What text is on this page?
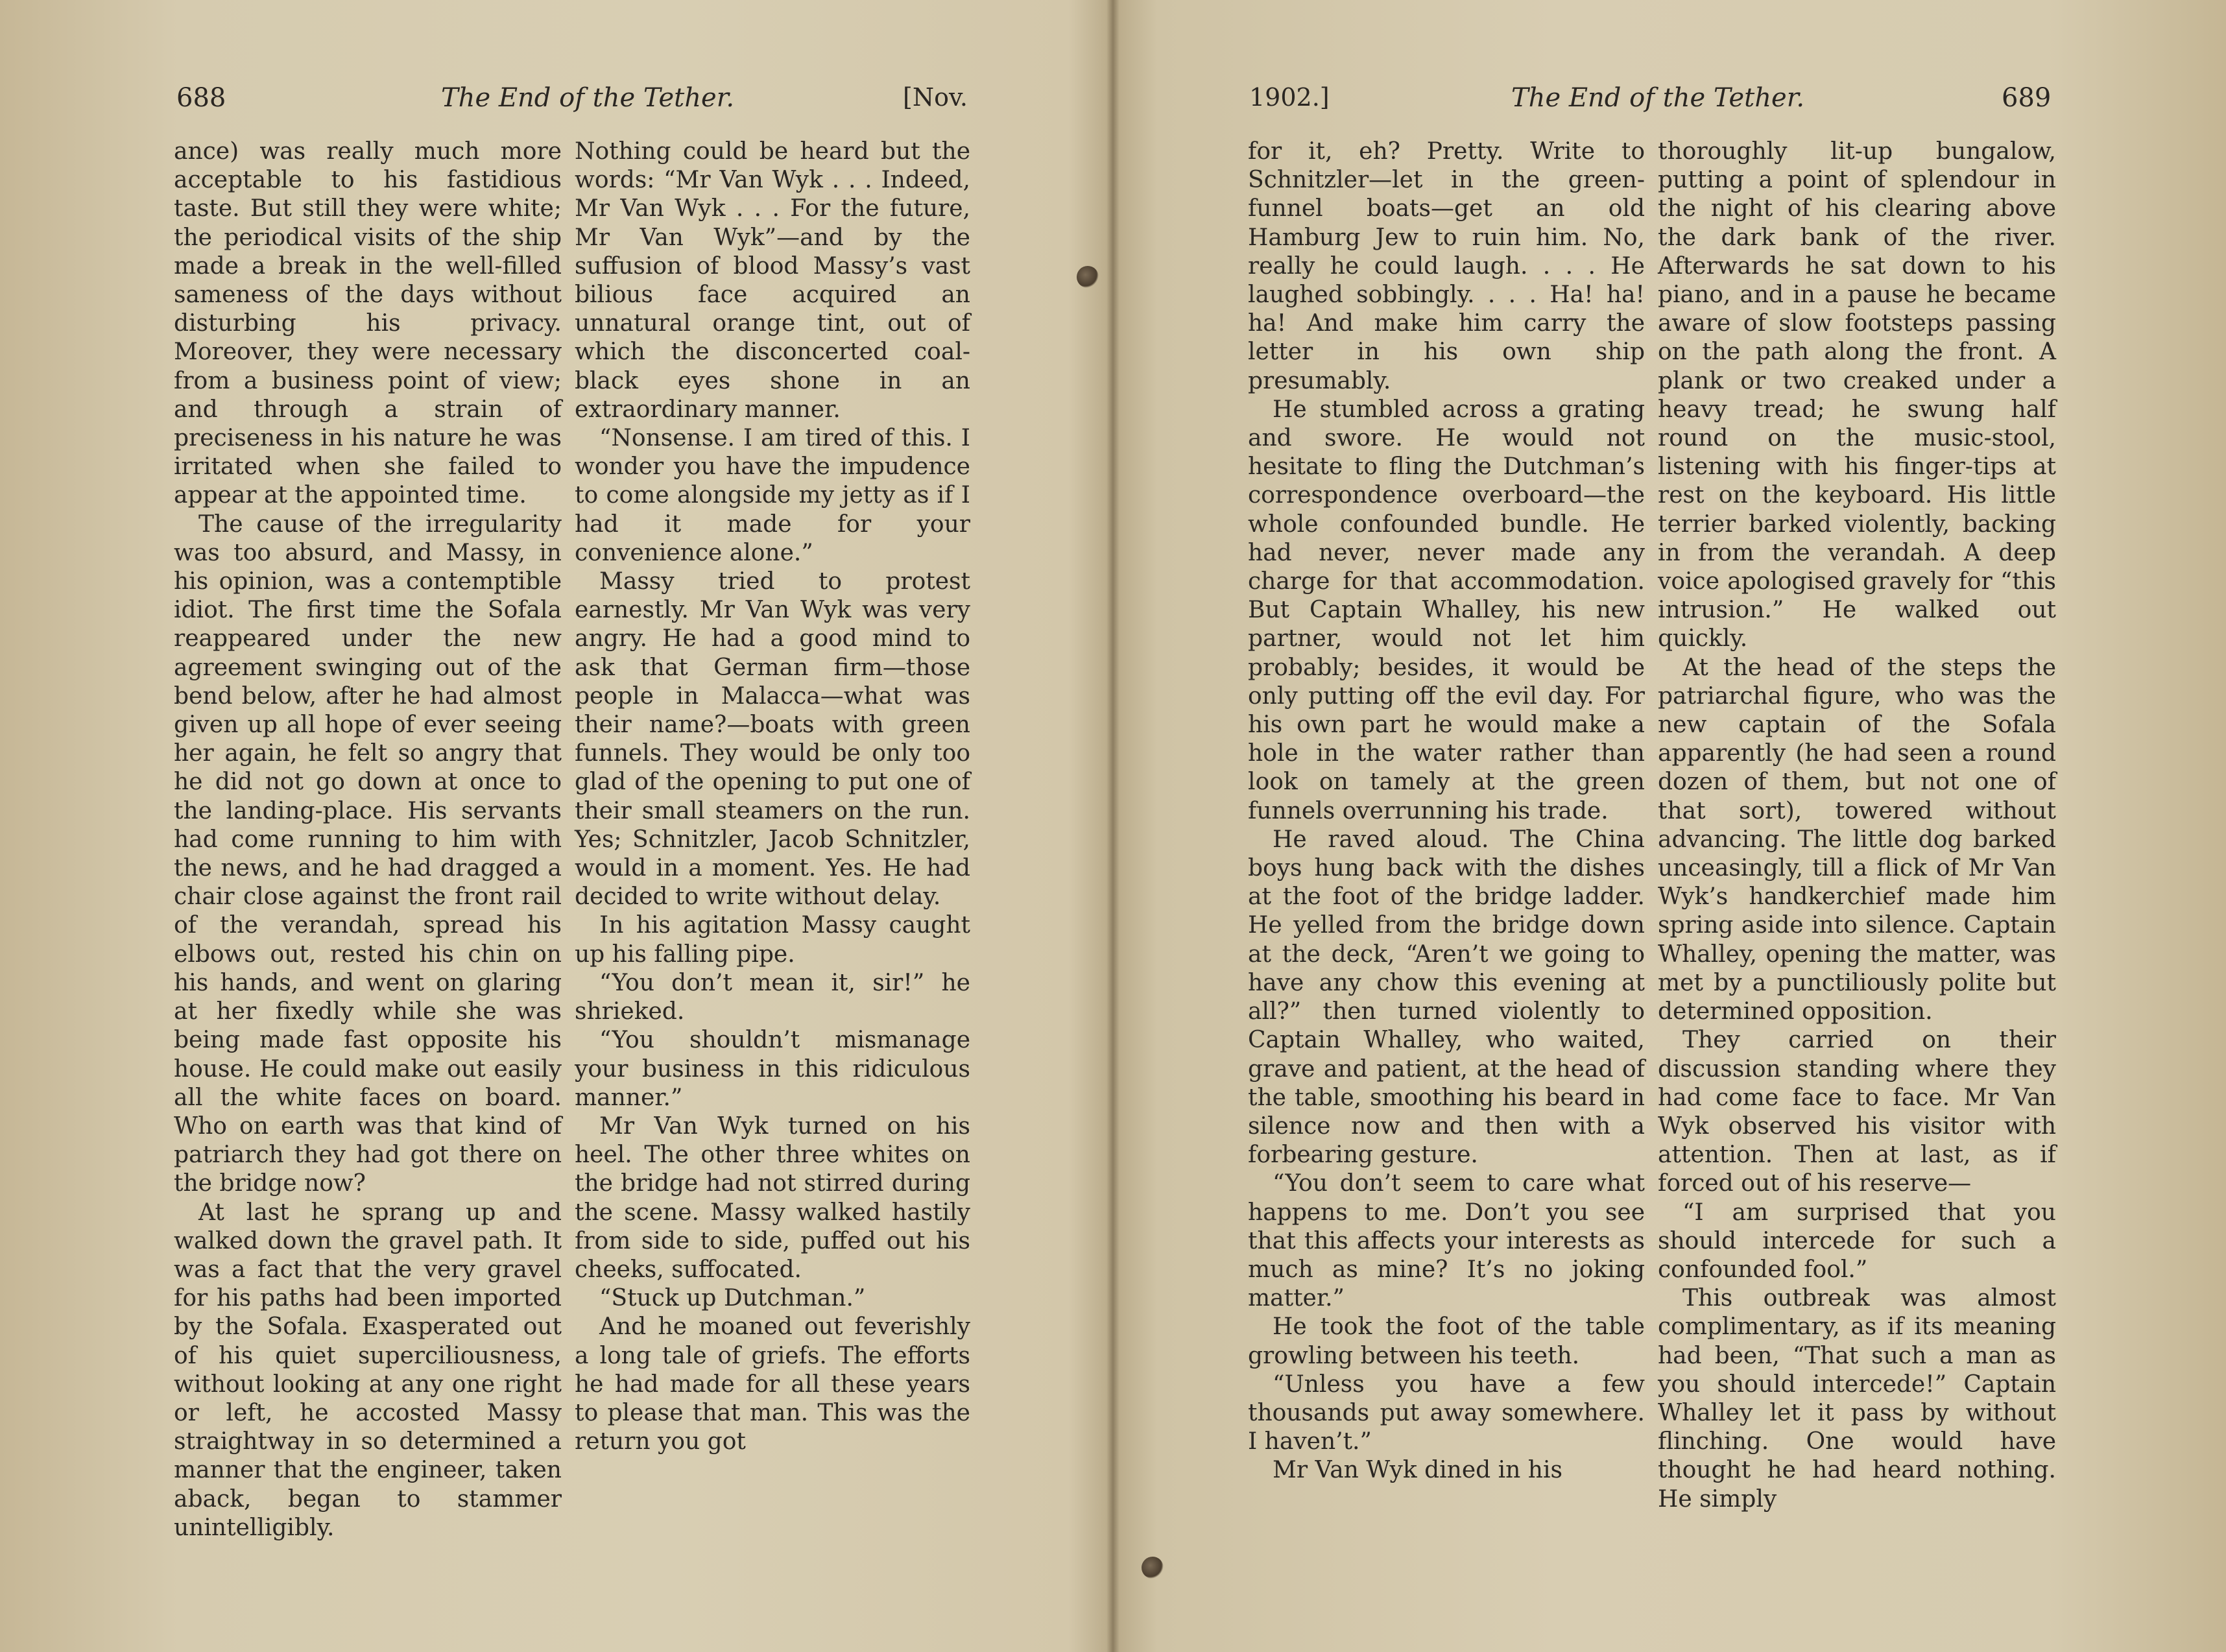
688	The End of the Tether.	[Nov.

ance) was really much more acceptable to his fastidious taste. But still they were white; the periodical visits of the ship made a break in the well-filled sameness of the days without disturbing his privacy. Moreover, they were necessary from a business point of view; and through a strain of preciseness in his nature he was irritated when she failed to appear at the appointed time.

The cause of the irregularity was too absurd, and Massy, in his opinion, was a contemptible idiot. The first time the Sofala reappeared under the new agreement swinging out of the bend below, after he had almost given up all hope of ever seeing her again, he felt so angry that he did not go down at once to the landing-place. His servants had come running to him with the news, and he had dragged a chair close against the front rail of the verandah, spread his elbows out, rested his chin on his hands, and went on glaring at her fixedly while she was being made fast opposite his house. He could make out easily all the white faces on board. Who on earth was that kind of patriarch they had got there on the bridge now?

At last he sprang up and walked down the gravel path. It was a fact that the very gravel for his paths had been imported by the Sofala. Exasperated out of his quiet superciliousness, without looking at any one right or left, he accosted Massy straightway in so determined a manner that the engineer, taken aback, began to stammer unintelligibly.

Nothing could be heard but the words: “Mr Van Wyk . . . Indeed, Mr Van Wyk . . . For the future, Mr Van Wyk”—and by the suffusion of blood Massy’s vast bilious face acquired an unnatural orange tint, out of which the disconcerted coal-black eyes shone in an extraordinary manner.

“Nonsense. I am tired of this. I wonder you have the impudence to come alongside my jetty as if I had it made for your convenience alone.”

Massy tried to protest earnestly. Mr Van Wyk was very angry. He had a good mind to ask that German firm—those people in Malacca—what was their name?—boats with green funnels. They would be only too glad of the opening to put one of their small steamers on the run. Yes; Schnitzler, Jacob Schnitzler, would in a moment. Yes. He had decided to write without delay.

In his agitation Massy caught up his falling pipe.

“You don’t mean it, sir!” he shrieked.

“You shouldn’t mismanage your business in this ridiculous manner.”

Mr Van Wyk turned on his heel. The other three whites on the bridge had not stirred during the scene. Massy walked hastily from side to side, puffed out his cheeks, suffocated.

“Stuck up Dutchman.”

And he moaned out feverishly a long tale of griefs. The efforts he had made for all these years to please that man. This was the return you got

1902.]	The End of the Tether.	689

for it, eh? Pretty. Write to Schnitzler—let in the green-funnel boats—get an old Hamburg Jew to ruin him. No, really he could laugh. . . . He laughed sobbingly. . . . Ha! ha! ha! And make him carry the letter in his own ship presumably.

He stumbled across a grating and swore. He would not hesitate to fling the Dutchman’s correspondence overboard—the whole confounded bundle. He had never, never made any charge for that accommodation. But Captain Whalley, his new partner, would not let him probably; besides, it would be only putting off the evil day. For his own part he would make a hole in the water rather than look on tamely at the green funnels overrunning his trade.

He raved aloud. The China boys hung back with the dishes at the foot of the bridge ladder. He yelled from the bridge down at the deck, “Aren’t we going to have any chow this evening at all?” then turned violently to Captain Whalley, who waited, grave and patient, at the head of the table, smoothing his beard in silence now and then with a forbearing gesture.

“You don’t seem to care what happens to me. Don’t you see that this affects your interests as much as mine? It’s no joking matter.”

He took the foot of the table growling between his teeth.

“Unless you have a few thousands put away somewhere. I haven’t.”

Mr Van Wyk dined in his

thoroughly lit-up bungalow, putting a point of splendour in the night of his clearing above the dark bank of the river. Afterwards he sat down to his piano, and in a pause he became aware of slow footsteps passing on the path along the front. A plank or two creaked under a heavy tread; he swung half round on the music-stool, listening with his finger-tips at rest on the keyboard. His little terrier barked violently, backing in from the verandah. A deep voice apologised gravely for “this intrusion.” He walked out quickly.

At the head of the steps the patriarchal figure, who was the new captain of the Sofala apparently (he had seen a round dozen of them, but not one of that sort), towered without advancing. The little dog barked unceasingly, till a flick of Mr Van Wyk’s handkerchief made him spring aside into silence. Captain Whalley, opening the matter, was met by a punctiliously polite but determined opposition.

They carried on their discussion standing where they had come face to face. Mr Van Wyk observed his visitor with attention. Then at last, as if forced out of his reserve—

“I am surprised that you should intercede for such a confounded fool.”

This outbreak was almost complimentary, as if its meaning had been, “That such a man as you should intercede!” Captain Whalley let it pass by without flinching. One would have thought he had heard nothing. He simply
